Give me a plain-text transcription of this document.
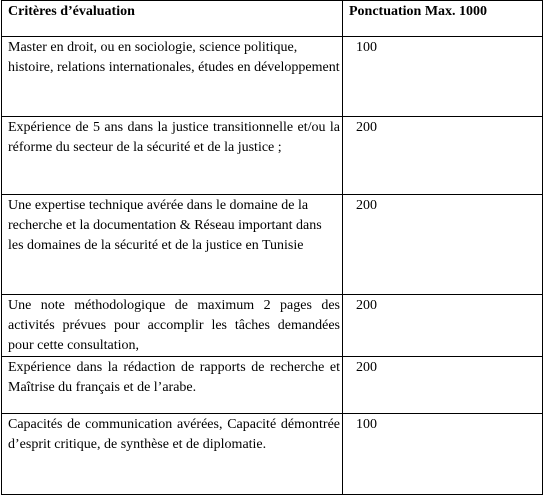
Critères d’évaluation	Ponctuation Max. 1000
Master en droit, ou en sociologie, science politique, histoire, relations internationales, études en développement	100
Expérience de 5 ans dans la justice transitionnelle et/ou la réforme du secteur de la sécurité et de la justice ;	200
Une expertise technique avérée dans le domaine de la recherche et la documentation & Réseau important dans les domaines de la sécurité et de la justice en Tunisie	200
Une note méthodologique de maximum 2 pages des activités prévues pour accomplir les tâches demandées pour cette consultation,	200
Expérience dans la rédaction de rapports de recherche et Maîtrise du français et de l’arabe.	200
Capacités de communication avérées, Capacité démontrée d’esprit critique, de synthèse et de diplomatie.	100
